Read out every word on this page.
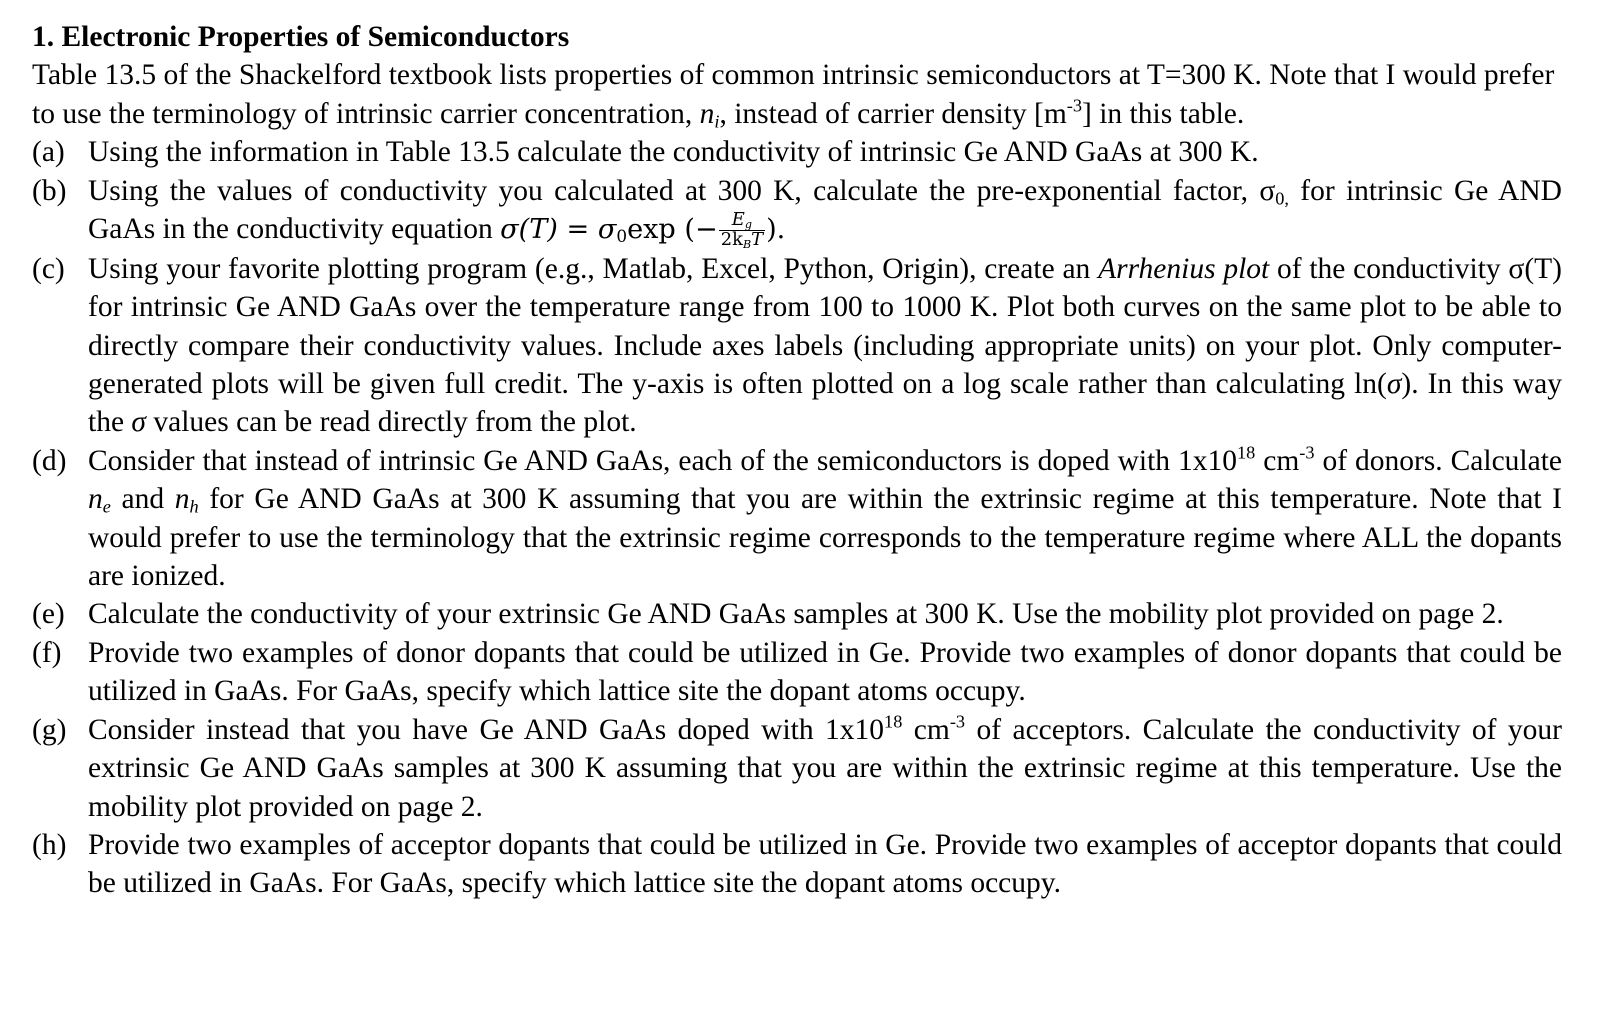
1. Electronic Properties of Semiconductors

Table 13.5 of the Shackelford textbook lists properties of common intrinsic semiconductors at T=300 K. Note that I would prefer to use the terminology of intrinsic carrier concentration, $n_i$, instead of carrier density $[m^{-3}]$ in this table.

(a) Using the information in Table 13.5 calculate the conductivity of intrinsic Ge AND GaAs at 300 K.
(b) Using the values of conductivity you calculated at 300 K, calculate the pre-exponential factor, $\sigma_{0,}$ for intrinsic Ge AND GaAs in the conductivity equation $\sigma(T) = \sigma_0\exp$ (− $\frac{E_g}{2k_BT}$ ).
(c) Using your favorite plotting program (e.g., Matlab, Excel, Python, Origin), create an Arrhenius plot of the conductivity σ(T) for intrinsic Ge AND GaAs over the temperature range from 100 to 1000 K. Plot both curves on the same plot to be able to directly compare their conductivity values. Include axes labels (including appropriate units) on your plot. Only computer-generated plots will be given full credit. The y-axis is often plotted on a log scale rather than calculating ln(σ). In this way the σ values can be read directly from the plot.
(d) Consider that instead of intrinsic Ge AND GaAs, each of the semiconductors is doped with $1x10^{18}$ $cm^{-3}$ of donors. Calculate $n_e$ and $n_h$ for Ge AND GaAs at 300 K assuming that you are within the extrinsic regime at this temperature. Note that I would prefer to use the terminology that the extrinsic regime corresponds to the temperature regime where ALL the dopants are ionized.
(e) Calculate the conductivity of your extrinsic Ge AND GaAs samples at 300 K. Use the mobility plot provided on page 2.
(f) Provide two examples of donor dopants that could be utilized in Ge. Provide two examples of donor dopants that could be utilized in GaAs. For GaAs, specify which lattice site the dopant atoms occupy.
(g) Consider instead that you have Ge AND GaAs doped with $1x10^{18}$ $cm^{-3}$ of acceptors. Calculate the conductivity of your extrinsic Ge AND GaAs samples at 300 K assuming that you are within the extrinsic regime at this temperature. Use the mobility plot provided on page 2.
(h) Provide two examples of acceptor dopants that could be utilized in Ge. Provide two examples of acceptor dopants that could be utilized in GaAs. For GaAs, specify which lattice site the dopant atoms occupy.
